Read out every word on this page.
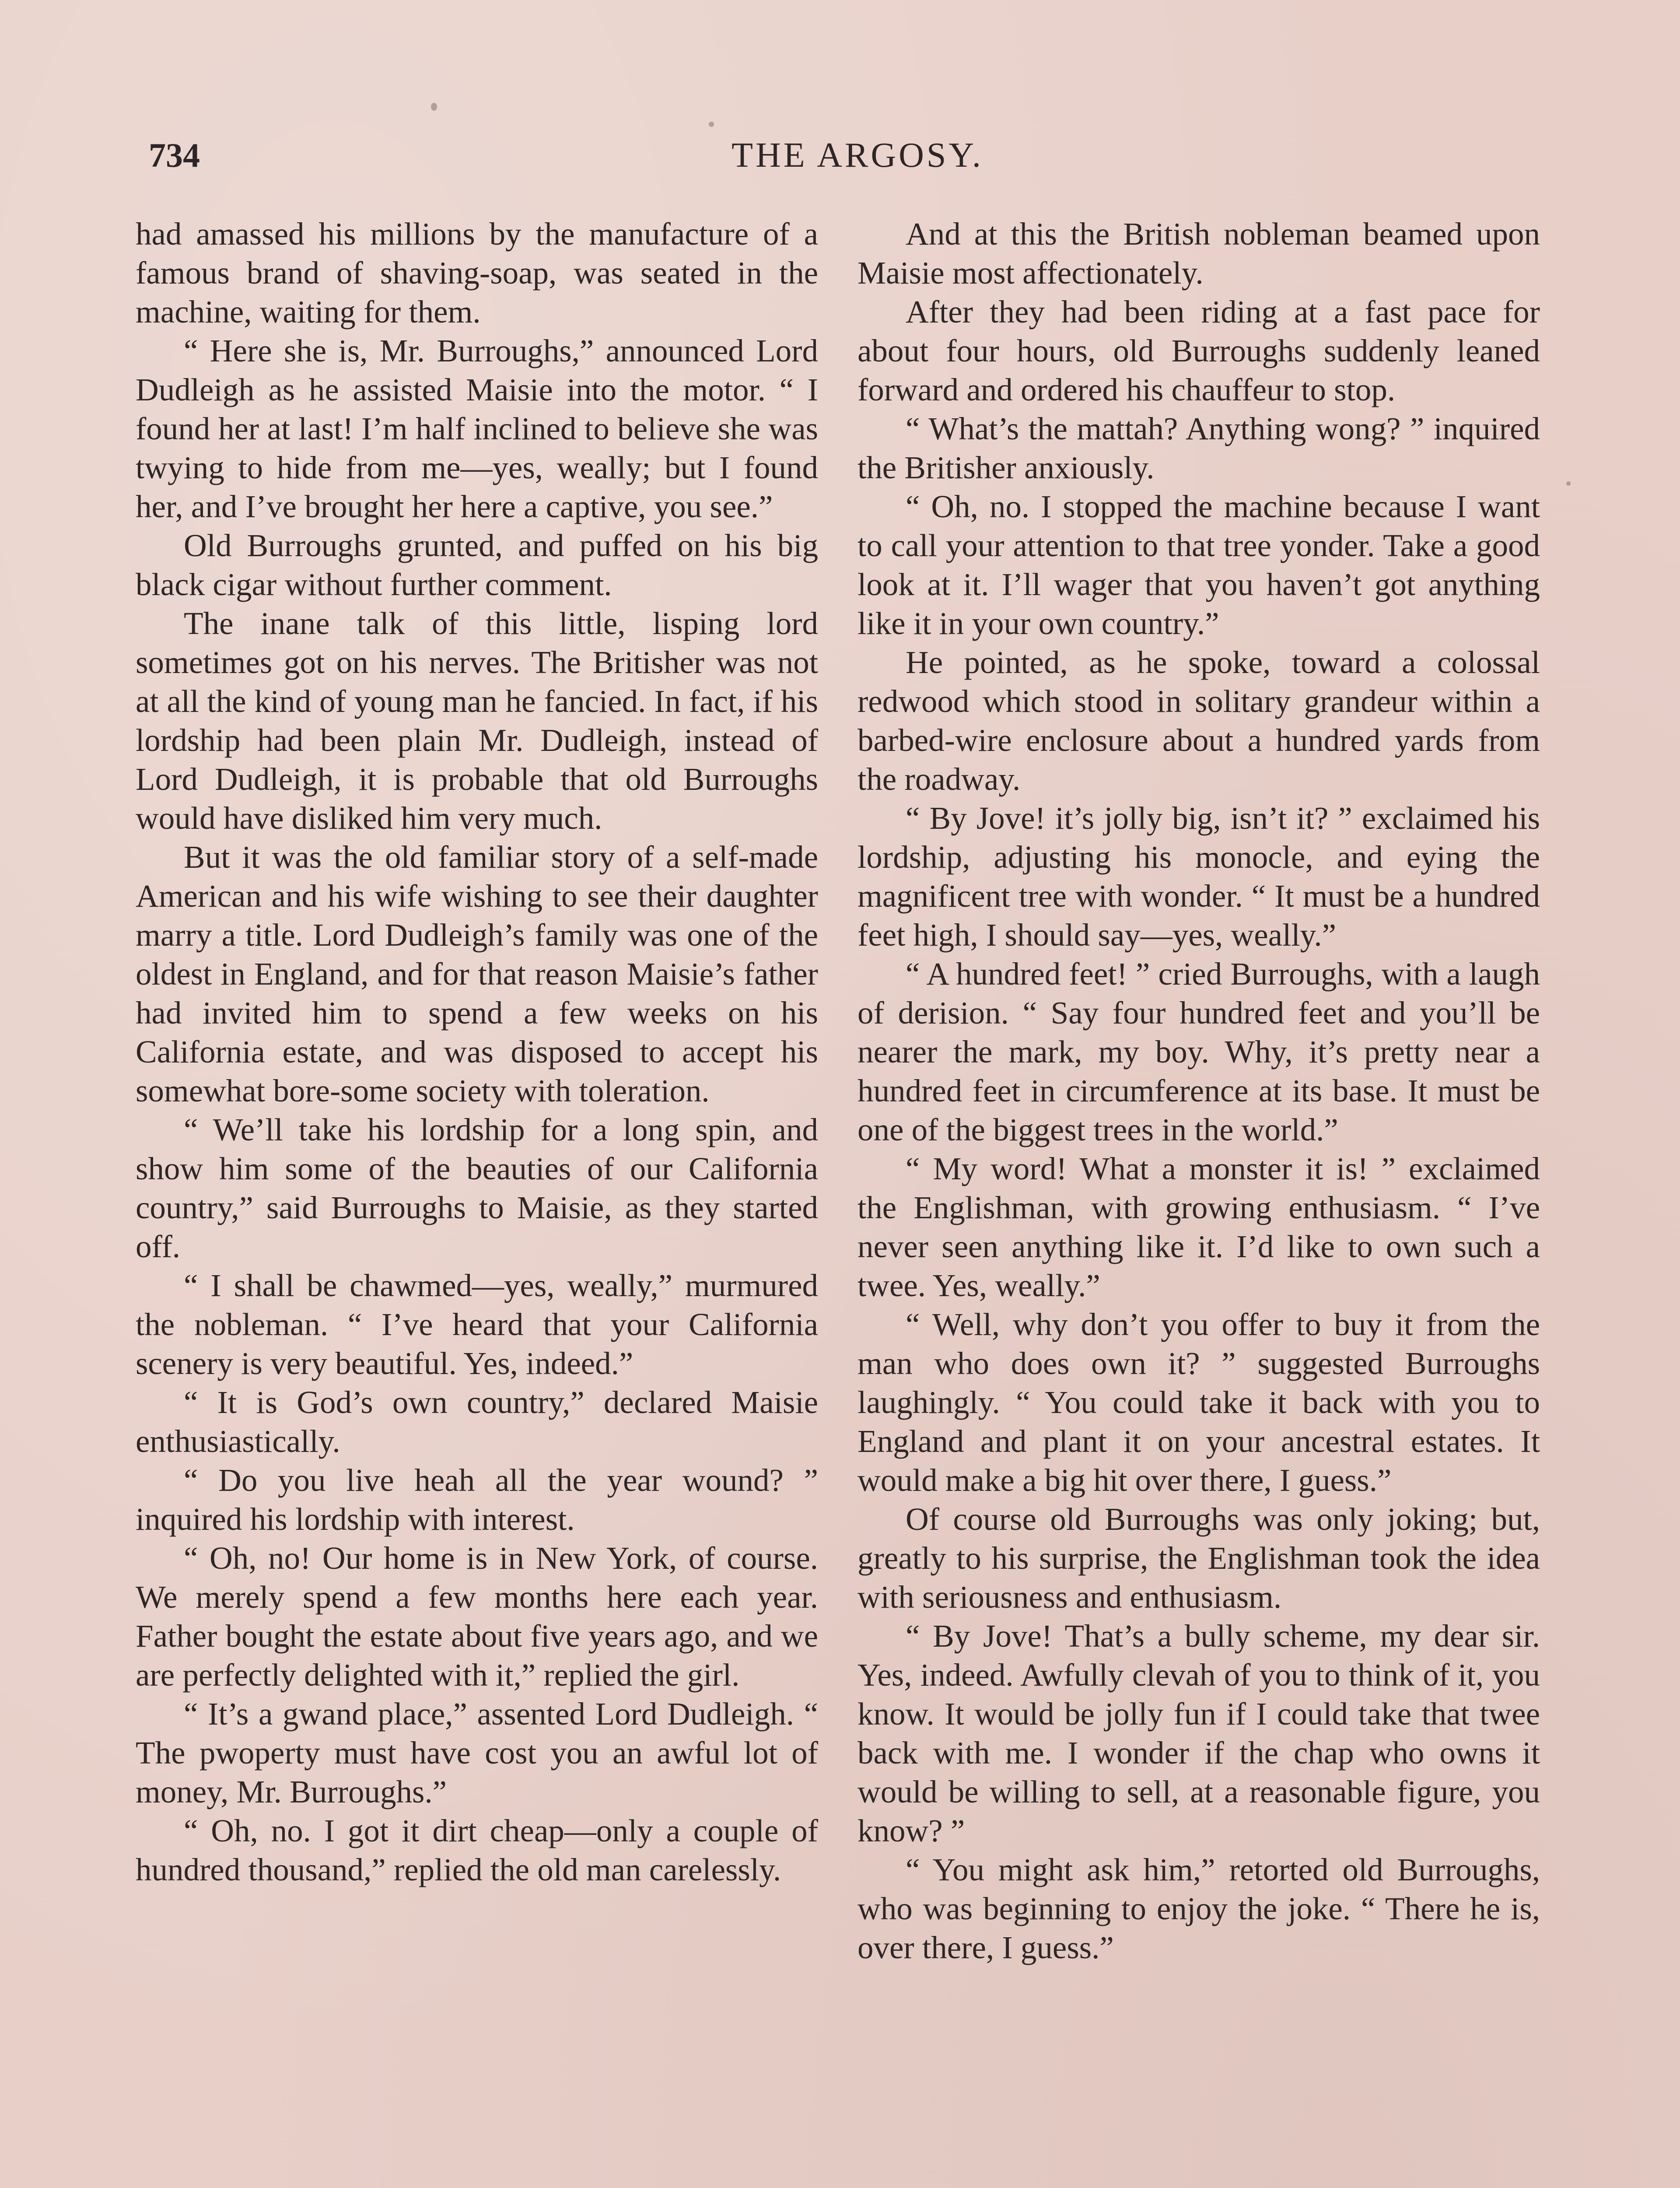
734	THE ARGOSY.

had amassed his millions by the manufacture of a famous brand of shaving-soap, was seated in the machine, waiting for them.

“ Here she is, Mr. Burroughs,” announced Lord Dudleigh as he assisted Maisie into the motor. “ I found her at last! I’m half inclined to believe she was twying to hide from me—yes, weally; but I found her, and I’ve brought her here a captive, you see.”

Old Burroughs grunted, and puffed on his big black cigar without further comment.

The inane talk of this little, lisping lord sometimes got on his nerves. The Britisher was not at all the kind of young man he fancied. In fact, if his lordship had been plain Mr. Dudleigh, instead of Lord Dudleigh, it is probable that old Burroughs would have disliked him very much.

But it was the old familiar story of a self-made American and his wife wishing to see their daughter marry a title. Lord Dudleigh’s family was one of the oldest in England, and for that reason Maisie’s father had invited him to spend a few weeks on his California estate, and was disposed to accept his somewhat bore-some society with toleration.

“ We’ll take his lordship for a long spin, and show him some of the beauties of our California country,” said Burroughs to Maisie, as they started off.

“ I shall be chawmed—yes, weally,” murmured the nobleman. “ I’ve heard that your California scenery is very beautiful. Yes, indeed.”

“ It is God’s own country,” declared Maisie enthusiastically.

“ Do you live heah all the year wound? ” inquired his lordship with interest.

“ Oh, no! Our home is in New York, of course. We merely spend a few months here each year. Father bought the estate about five years ago, and we are perfectly delighted with it,” replied the girl.

“ It’s a gwand place,” assented Lord Dudleigh. “ The pwoperty must have cost you an awful lot of money, Mr. Burroughs.”

“ Oh, no. I got it dirt cheap—only a couple of hundred thousand,” replied the old man carelessly.

And at this the British nobleman beamed upon Maisie most affectionately.

After they had been riding at a fast pace for about four hours, old Burroughs suddenly leaned forward and ordered his chauffeur to stop.

“ What’s the mattah? Anything wong? ” inquired the Britisher anxiously.

“ Oh, no. I stopped the machine because I want to call your attention to that tree yonder. Take a good look at it. I’ll wager that you haven’t got anything like it in your own country.”

He pointed, as he spoke, toward a colossal redwood which stood in solitary grandeur within a barbed-wire enclosure about a hundred yards from the roadway.

“ By Jove! it’s jolly big, isn’t it? ” exclaimed his lordship, adjusting his monocle, and eying the magnificent tree with wonder. “ It must be a hundred feet high, I should say—yes, weally.”

“ A hundred feet! ” cried Burroughs, with a laugh of derision. “ Say four hundred feet and you’ll be nearer the mark, my boy. Why, it’s pretty near a hundred feet in circumference at its base. It must be one of the biggest trees in the world.”

“ My word! What a monster it is! ” exclaimed the Englishman, with growing enthusiasm. “ I’ve never seen anything like it. I’d like to own such a twee. Yes, weally.”

“ Well, why don’t you offer to buy it from the man who does own it? ” suggested Burroughs laughingly. “ You could take it back with you to England and plant it on your ancestral estates. It would make a big hit over there, I guess.”

Of course old Burroughs was only joking; but, greatly to his surprise, the Englishman took the idea with seriousness and enthusiasm.

“ By Jove! That’s a bully scheme, my dear sir. Yes, indeed. Awfully clevah of you to think of it, you know. It would be jolly fun if I could take that twee back with me. I wonder if the chap who owns it would be willing to sell, at a reasonable figure, you know? ”

“ You might ask him,” retorted old Burroughs, who was beginning to enjoy the joke. “ There he is, over there, I guess.”
